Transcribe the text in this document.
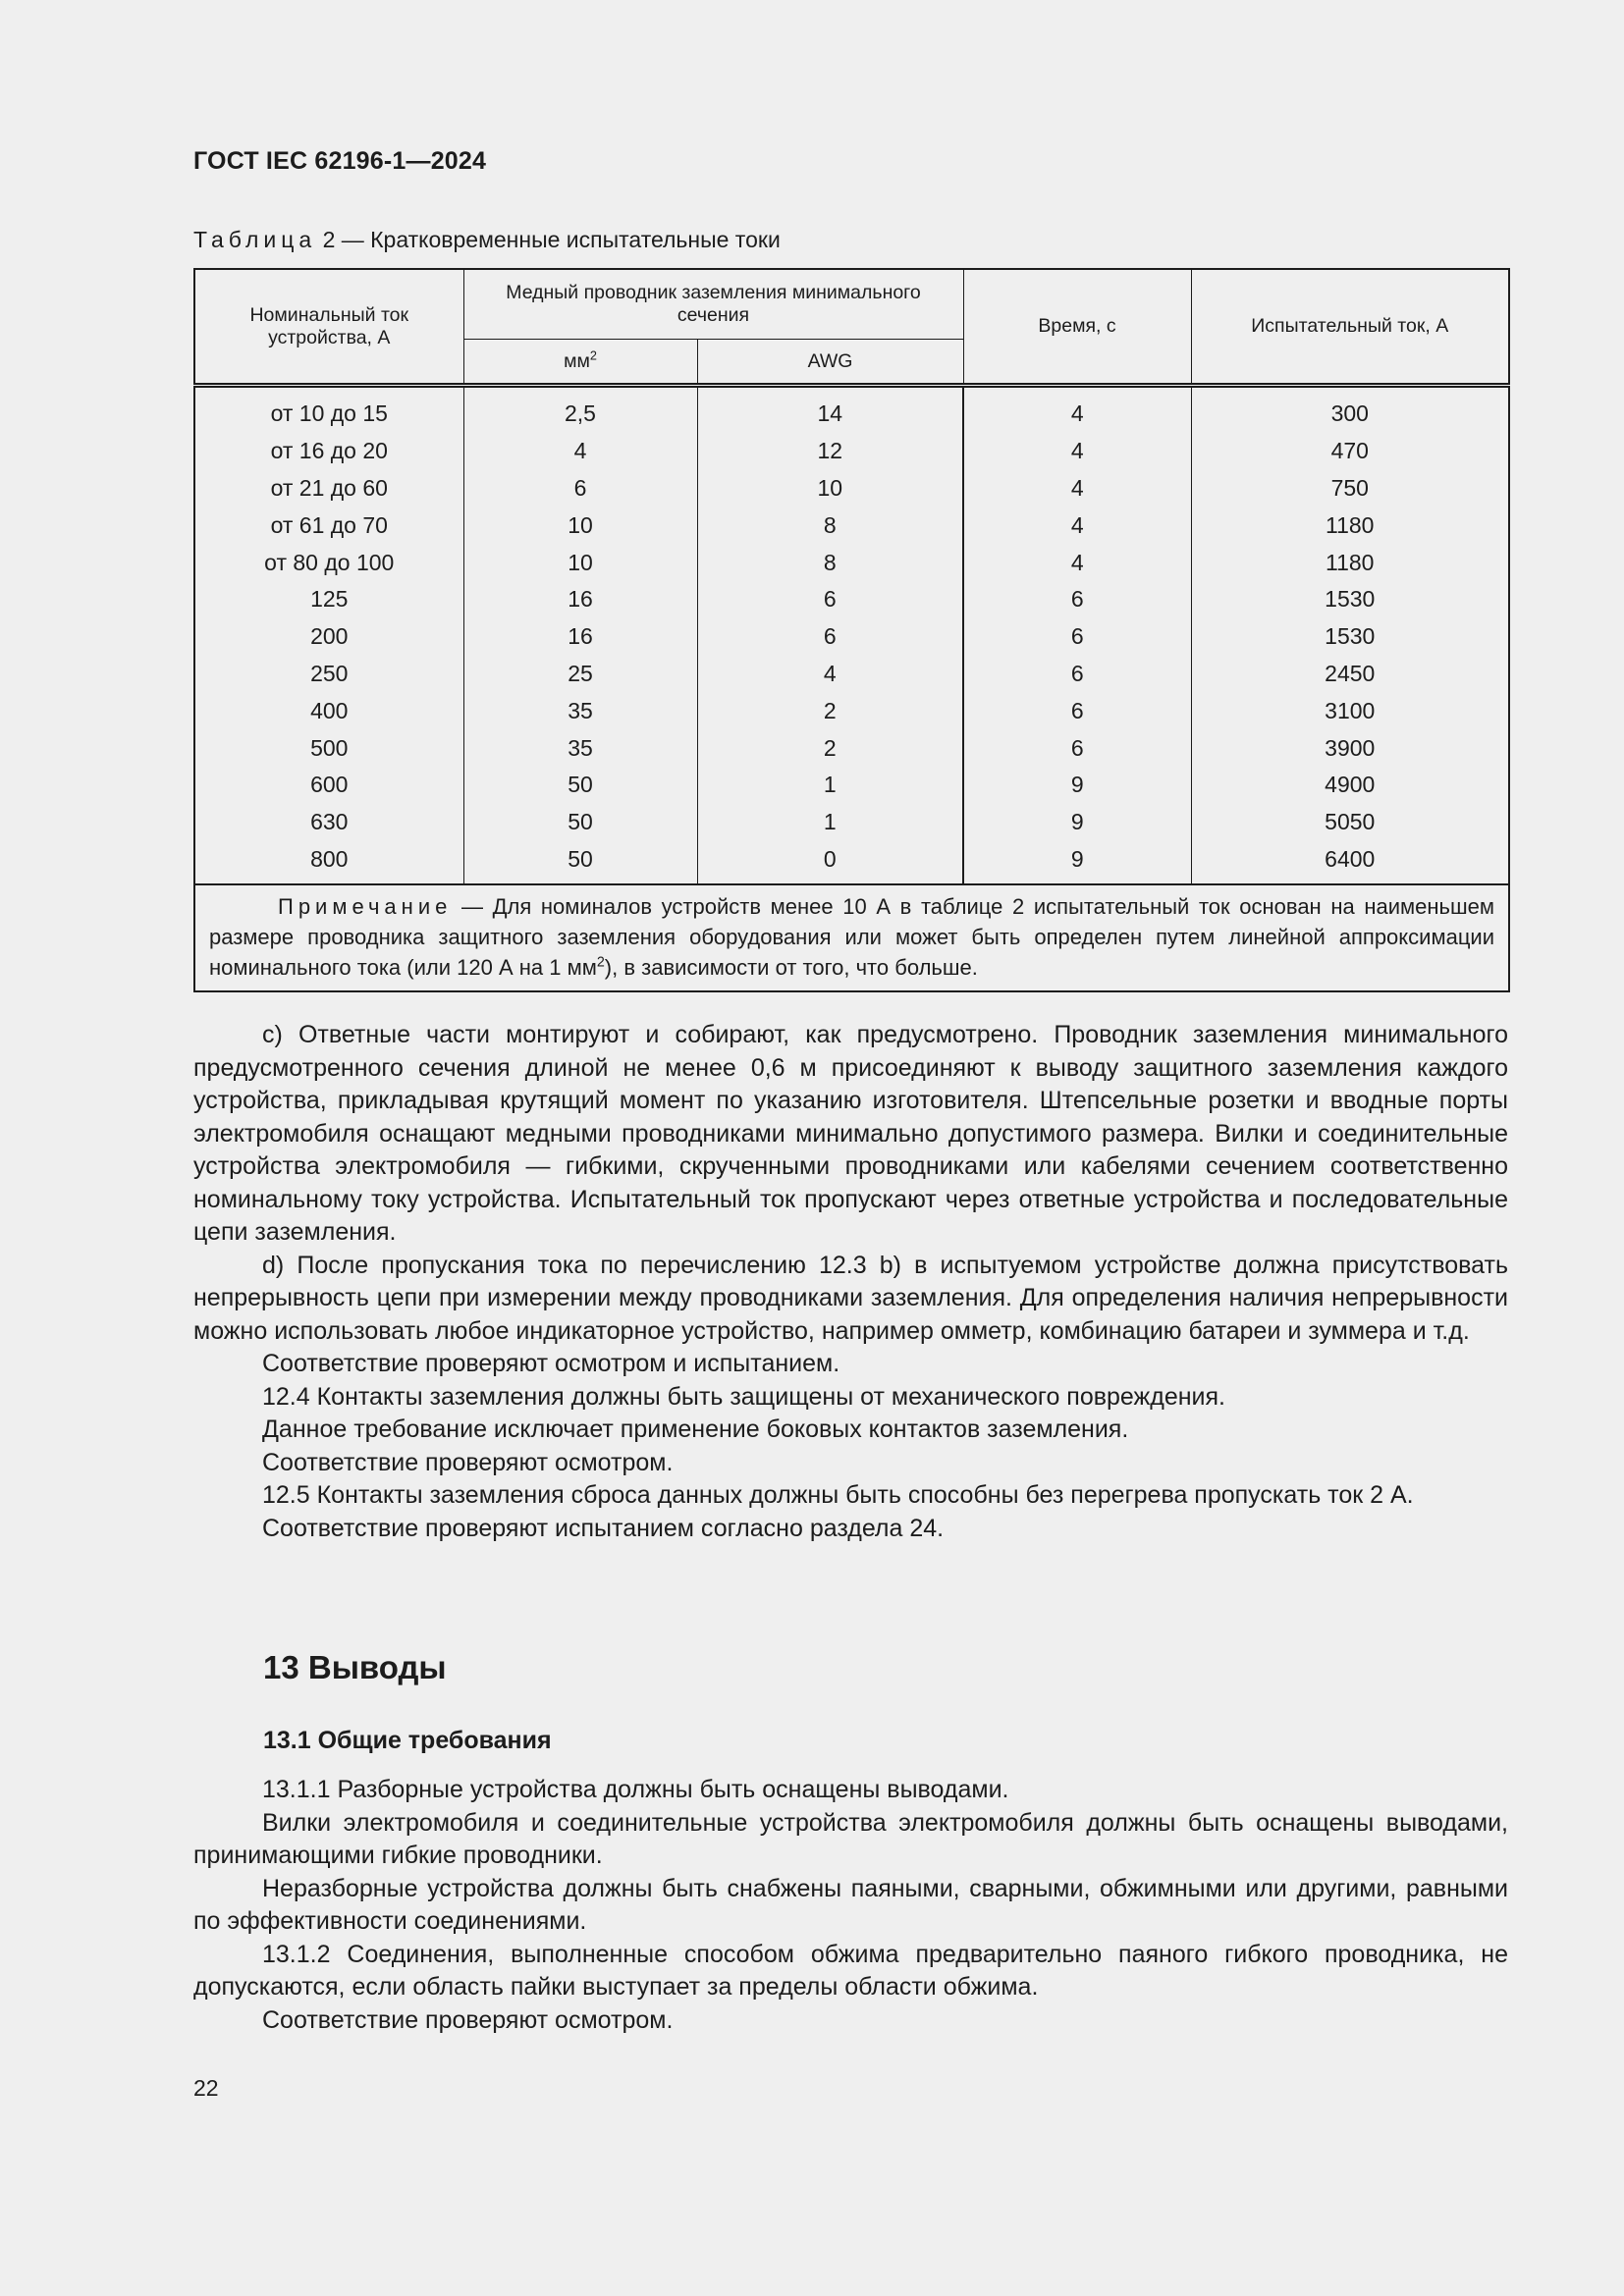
ГОСТ IEC 62196-1—2024
Таблица 2 — Кратковременные испытательные токи
Номинальный ток устройства, А	Медный проводник заземления минимального сечения		Время, с	Испытательный ток, А
	$мм^2$	AWG		
от 10 до 15	2,5	14	4	300
от 16 до 20	4	12	4	470
от 21 до 60	6	10	4	750
от 61 до 70	10	8	4	1180
от 80 до 100	10	8	4	1180
125	16	6	6	1530
200	16	6	6	1530
250	25	4	6	2450
400	35	2	6	3100
500	35	2	6	3900
600	50	1	9	4900
630	50	1	9	5050
800	50	0	9	6400
Примечание — Для номиналов устройств менее 10 А в таблице 2 испытательный ток основан на наименьшем размере проводника защитного заземления оборудования или может быть определен путем линейной аппроксимации номинального тока (или 120 А на 1 $мм^2$), в зависимости от того, что больше.				

c) Ответные части монтируют и собирают, как предусмотрено. Проводник заземления минимального предусмотренного сечения длиной не менее 0,6 м присоединяют к выводу защитного заземления каждого устройства, прикладывая крутящий момент по указанию изготовителя. Штепсельные розетки и вводные порты электромобиля оснащают медными проводниками минимально допустимого размера. Вилки и соединительные устройства электромобиля — гибкими, скрученными проводниками или кабелями сечением соответственно номинальному току устройства. Испытательный ток пропускают через ответные устройства и последовательные цепи заземления.

d) После пропускания тока по перечислению 12.3 b) в испытуемом устройстве должна присутствовать непрерывность цепи при измерении между проводниками заземления. Для определения наличия непрерывности можно использовать любое индикаторное устройство, например омметр, комбинацию батареи и зуммера и т.д.

Соответствие проверяют осмотром и испытанием.

12.4 Контакты заземления должны быть защищены от механического повреждения.

Данное требование исключает применение боковых контактов заземления.

Соответствие проверяют осмотром.

12.5 Контакты заземления сброса данных должны быть способны без перегрева пропускать ток 2 А.

Соответствие проверяют испытанием согласно раздела 24.

13 Выводы
13.1 Общие требования

13.1.1 Разборные устройства должны быть оснащены выводами.

Вилки электромобиля и соединительные устройства электромобиля должны быть оснащены выводами, принимающими гибкие проводники.

Неразборные устройства должны быть снабжены паяными, сварными, обжимными или другими, равными по эффективности соединениями.

13.1.2 Соединения, выполненные способом обжима предварительно паяного гибкого проводника, не допускаются, если область пайки выступает за пределы области обжима.

Соответствие проверяют осмотром.

22
